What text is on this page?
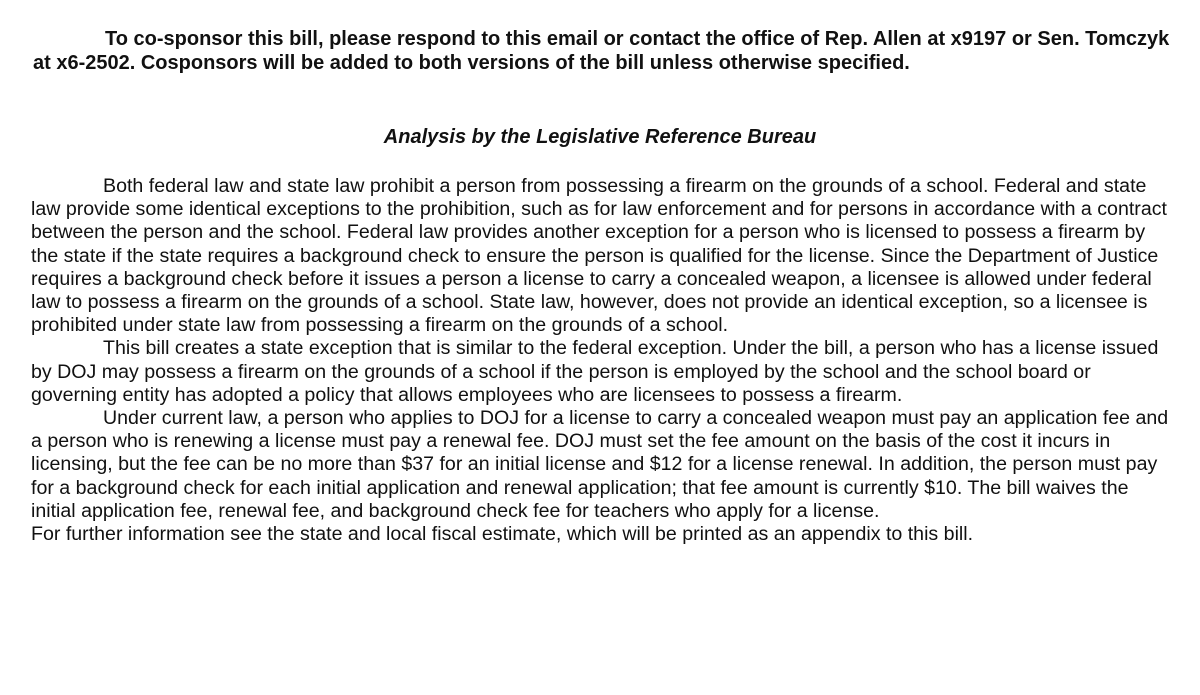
To co-sponsor this bill, please respond to this email or contact the office of Rep. Allen at x9197 or Sen. Tomczyk at x6-2502. Cosponsors will be added to both versions of the bill unless otherwise specified.
Analysis by the Legislative Reference Bureau

Both federal law and state law prohibit a person from possessing a firearm on the grounds of a school. Federal and state law provide some identical exceptions to the prohibition, such as for law enforcement and for persons in accordance with a contract between the person and the school. Federal law provides another exception for a person who is licensed to possess a firearm by the state if the state requires a background check to ensure the person is qualified for the license. Since the Department of Justice requires a background check before it issues a person a license to carry a concealed weapon, a licensee is allowed under federal law to possess a firearm on the grounds of a school. State law, however, does not provide an identical exception, so a licensee is prohibited under state law from possessing a firearm on the grounds of a school.

This bill creates a state exception that is similar to the federal exception. Under the bill, a person who has a license issued by DOJ may possess a firearm on the grounds of a school if the person is employed by the school and the school board or governing entity has adopted a policy that allows employees who are licensees to possess a firearm.

Under current law, a person who applies to DOJ for a license to carry a concealed weapon must pay an application fee and a person who is renewing a license must pay a renewal fee. DOJ must set the fee amount on the basis of the cost it incurs in licensing, but the fee can be no more than $37 for an initial license and $12 for a license renewal. In addition, the person must pay for a background check for each initial application and renewal application; that fee amount is currently $10. The bill waives the initial application fee, renewal fee, and background check fee for teachers who apply for a license.

For further information see the state and local fiscal estimate, which will be printed as an appendix to this bill.
